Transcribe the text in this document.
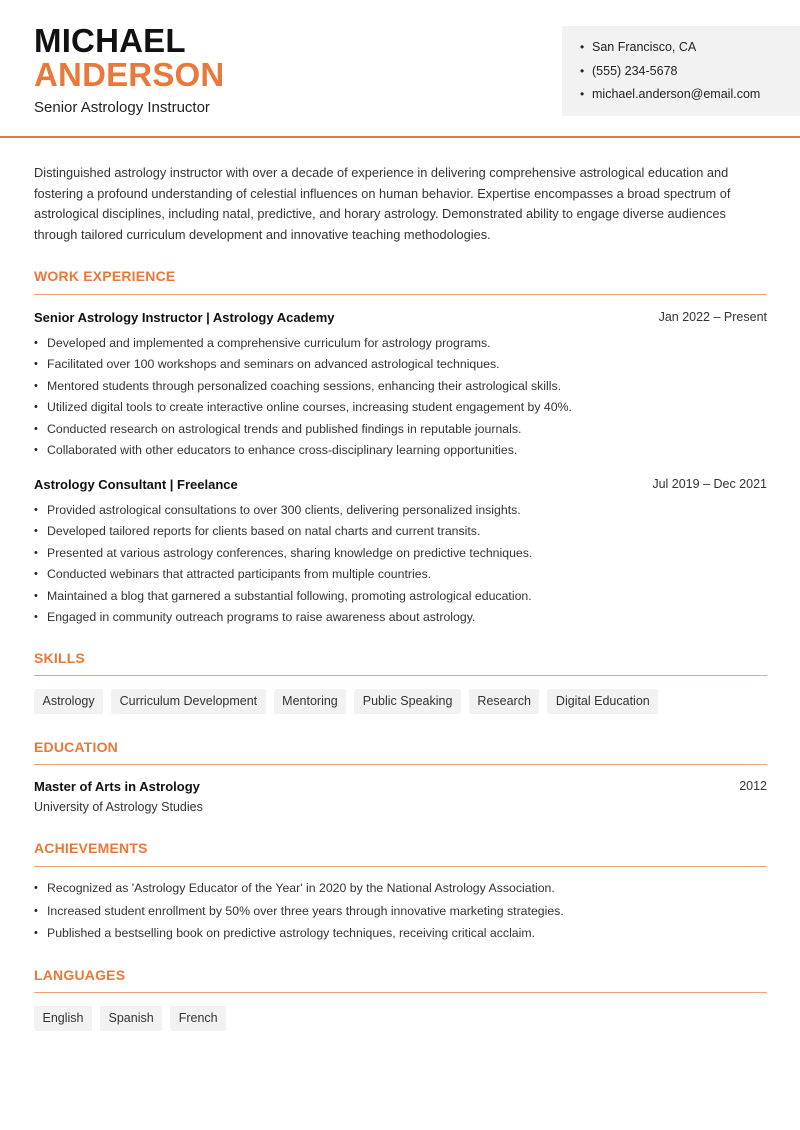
MICHAEL
ANDERSON
Senior Astrology Instructor
• San Francisco, CA
• (555) 234-5678
• michael.anderson@email.com
Distinguished astrology instructor with over a decade of experience in delivering comprehensive astrological education and fostering a profound understanding of celestial influences on human behavior. Expertise encompasses a broad spectrum of astrological disciplines, including natal, predictive, and horary astrology. Demonstrated ability to engage diverse audiences through tailored curriculum development and innovative teaching methodologies.
WORK EXPERIENCE
Senior Astrology Instructor | Astrology Academy	Jan 2022 – Present
• Developed and implemented a comprehensive curriculum for astrology programs.
• Facilitated over 100 workshops and seminars on advanced astrological techniques.
• Mentored students through personalized coaching sessions, enhancing their astrological skills.
• Utilized digital tools to create interactive online courses, increasing student engagement by 40%.
• Conducted research on astrological trends and published findings in reputable journals.
• Collaborated with other educators to enhance cross-disciplinary learning opportunities.
Astrology Consultant | Freelance	Jul 2019 – Dec 2021
• Provided astrological consultations to over 300 clients, delivering personalized insights.
• Developed tailored reports for clients based on natal charts and current transits.
• Presented at various astrology conferences, sharing knowledge on predictive techniques.
• Conducted webinars that attracted participants from multiple countries.
• Maintained a blog that garnered a substantial following, promoting astrological education.
• Engaged in community outreach programs to raise awareness about astrology.
SKILLS
Astrology	Curriculum Development	Mentoring	Public Speaking	Research	Digital Education
EDUCATION
Master of Arts in Astrology	2012
University of Astrology Studies
ACHIEVEMENTS
• Recognized as 'Astrology Educator of the Year' in 2020 by the National Astrology Association.
• Increased student enrollment by 50% over three years through innovative marketing strategies.
• Published a bestselling book on predictive astrology techniques, receiving critical acclaim.
LANGUAGES
English	Spanish	French
